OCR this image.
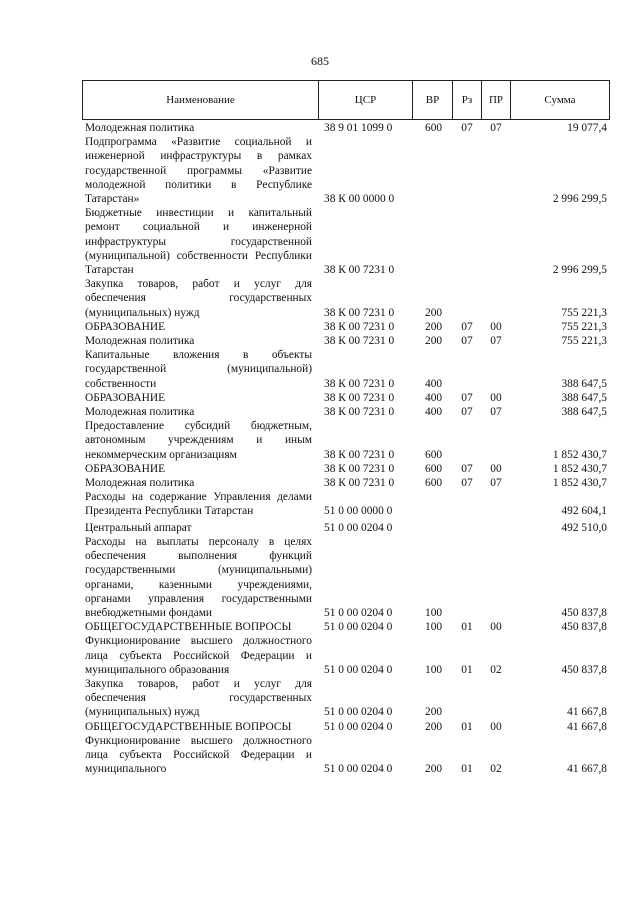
685
Наименование	ЦСР	ВР	Рз	ПР	Сумма
Молодежная политика	38 9 01 1099 0	600	07	07	19 077,4
Подпрограмма «Развитие социальной и инженерной инфраструктуры в рамках государственной программы «Развитие молодежной политики в Республике Татарстан»	38 К 00 0000 0				2 996 299,5
Бюджетные инвестиции и капитальный ремонт социальной и инженерной инфраструктуры государственной (муниципальной) собственности Республики Татарстан	38 К 00 7231 0				2 996 299,5
Закупка товаров, работ и услуг для обеспечения государственных (муниципальных) нужд	38 К 00 7231 0	200			755 221,3
ОБРАЗОВАНИЕ	38 К 00 7231 0	200	07	00	755 221,3
Молодежная политика	38 К 00 7231 0	200	07	07	755 221,3
Капитальные вложения в объекты государственной (муниципальной) собственности	38 К 00 7231 0	400			388 647,5
ОБРАЗОВАНИЕ	38 К 00 7231 0	400	07	00	388 647,5
Молодежная политика	38 К 00 7231 0	400	07	07	388 647,5
Предоставление субсидий бюджетным, автономным учреждениям и иным некоммерческим организациям	38 К 00 7231 0	600			1 852 430,7
ОБРАЗОВАНИЕ	38 К 00 7231 0	600	07	00	1 852 430,7
Молодежная политика	38 К 00 7231 0	600	07	07	1 852 430,7
Расходы на содержание Управления делами Президента Республики Татарстан	51 0 00 0000 0				492 604,1
Центральный аппарат	51 0 00 0204 0				492 510,0
Расходы на выплаты персоналу в целях обеспечения выполнения функций государственными (муниципальными) органами, казенными учреждениями, органами управления государственными внебюджетными фондами	51 0 00 0204 0	100			450 837,8
ОБЩЕГОСУДАРСТВЕННЫЕ ВОПРОСЫ	51 0 00 0204 0	100	01	00	450 837,8
Функционирование высшего должностного лица субъекта Российской Федерации и муниципального образования	51 0 00 0204 0	100	01	02	450 837,8
Закупка товаров, работ и услуг для обеспечения государственных (муниципальных) нужд	51 0 00 0204 0	200			41 667,8
ОБЩЕГОСУДАРСТВЕННЫЕ ВОПРОСЫ	51 0 00 0204 0	200	01	00	41 667,8
Функционирование высшего должностного лица субъекта Российской Федерации и муниципального	51 0 00 0204 0	200	01	02	41 667,8
